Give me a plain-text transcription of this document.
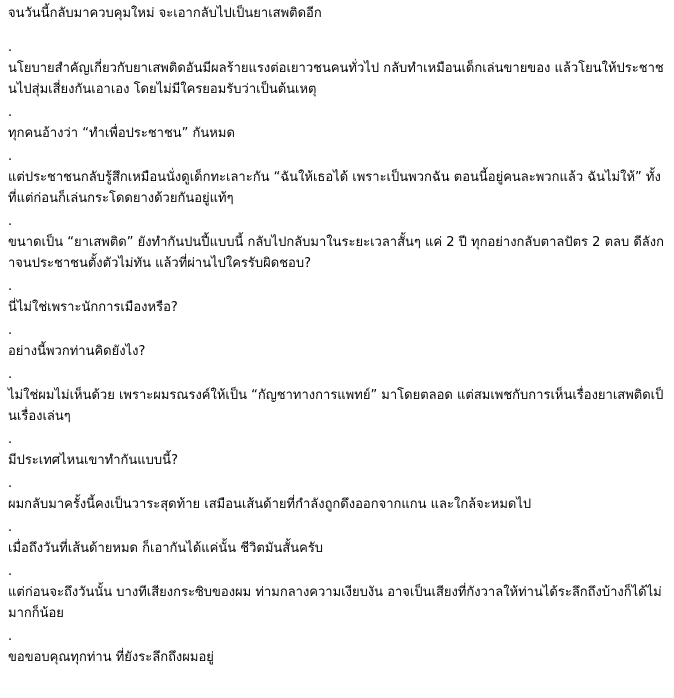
จนวันนี้กลับมาควบคุมใหม่ จะเอากลับไปเป็นยาเสพติดอีก

.

นโยบายสำคัญเกี่ยวกับยาเสพติดอันมีผลร้ายแรงต่อเยาวชนคนทั่วไป กลับทำเหมือนเด็กเล่นขายของ แล้วโยนให้ประชาชนไปสุ่มเสี่ยงกันเอาเอง โดยไม่มีใครยอมรับว่าเป็นต้นเหตุ

.

ทุกคนอ้างว่า “ทำเพื่อประชาชน” กันหมด

.

แต่ประชาชนกลับรู้สึกเหมือนนั่งดูเด็กทะเลาะกัน “ฉันให้เธอได้ เพราะเป็นพวกฉัน ตอนนี้อยู่คนละพวกแล้ว ฉันไม่ให้” ทั้งที่แต่ก่อนก็เล่นกระโดดยางด้วยกันอยู่แท้ๆ

.

ขนาดเป็น “ยาเสพติด” ยังทำกันปนปี้แบบนี้ กลับไปกลับมาในระยะเวลาสั้นๆ แค่ 2 ปี ทุกอย่างกลับตาลปัตร 2 ตลบ ดีลังกาจนประชาชนตั้งตัวไม่ทัน แล้วที่ผ่านไปใครรับผิดชอบ?

.

นี่ไม่ใช่เพราะนักการเมืองหรือ?

.

อย่างนี้พวกท่านคิดยังไง?

.

ไม่ใช่ผมไม่เห็นด้วย เพราะผมรณรงค์ให้เป็น “กัญชาทางการแพทย์” มาโดยตลอด แต่สมเพชกับการเห็นเรื่องยาเสพติดเป็นเรื่องเล่นๆ

.

มีประเทศไหนเขาทำกันแบบนี้?

.

ผมกลับมาครั้งนี้คงเป็นวาระสุดท้าย เสมือนเส้นด้ายที่กำลังถูกดึงออกจากแกน และใกล้จะหมดไป

.

เมื่อถึงวันที่เส้นด้ายหมด ก็เอากันได้แค่นั้น ชีวิตมันสั้นครับ

.

แต่ก่อนจะถึงวันนั้น บางทีเสียงกระซิบของผม ท่ามกลางความเงียบงัน อาจเป็นเสียงที่กังวาลให้ท่านได้ระลึกถึงบ้างก็ได้ไม่มากก็น้อย

.

ขอขอบคุณทุกท่าน ที่ยังระลึกถึงผมอยู่
